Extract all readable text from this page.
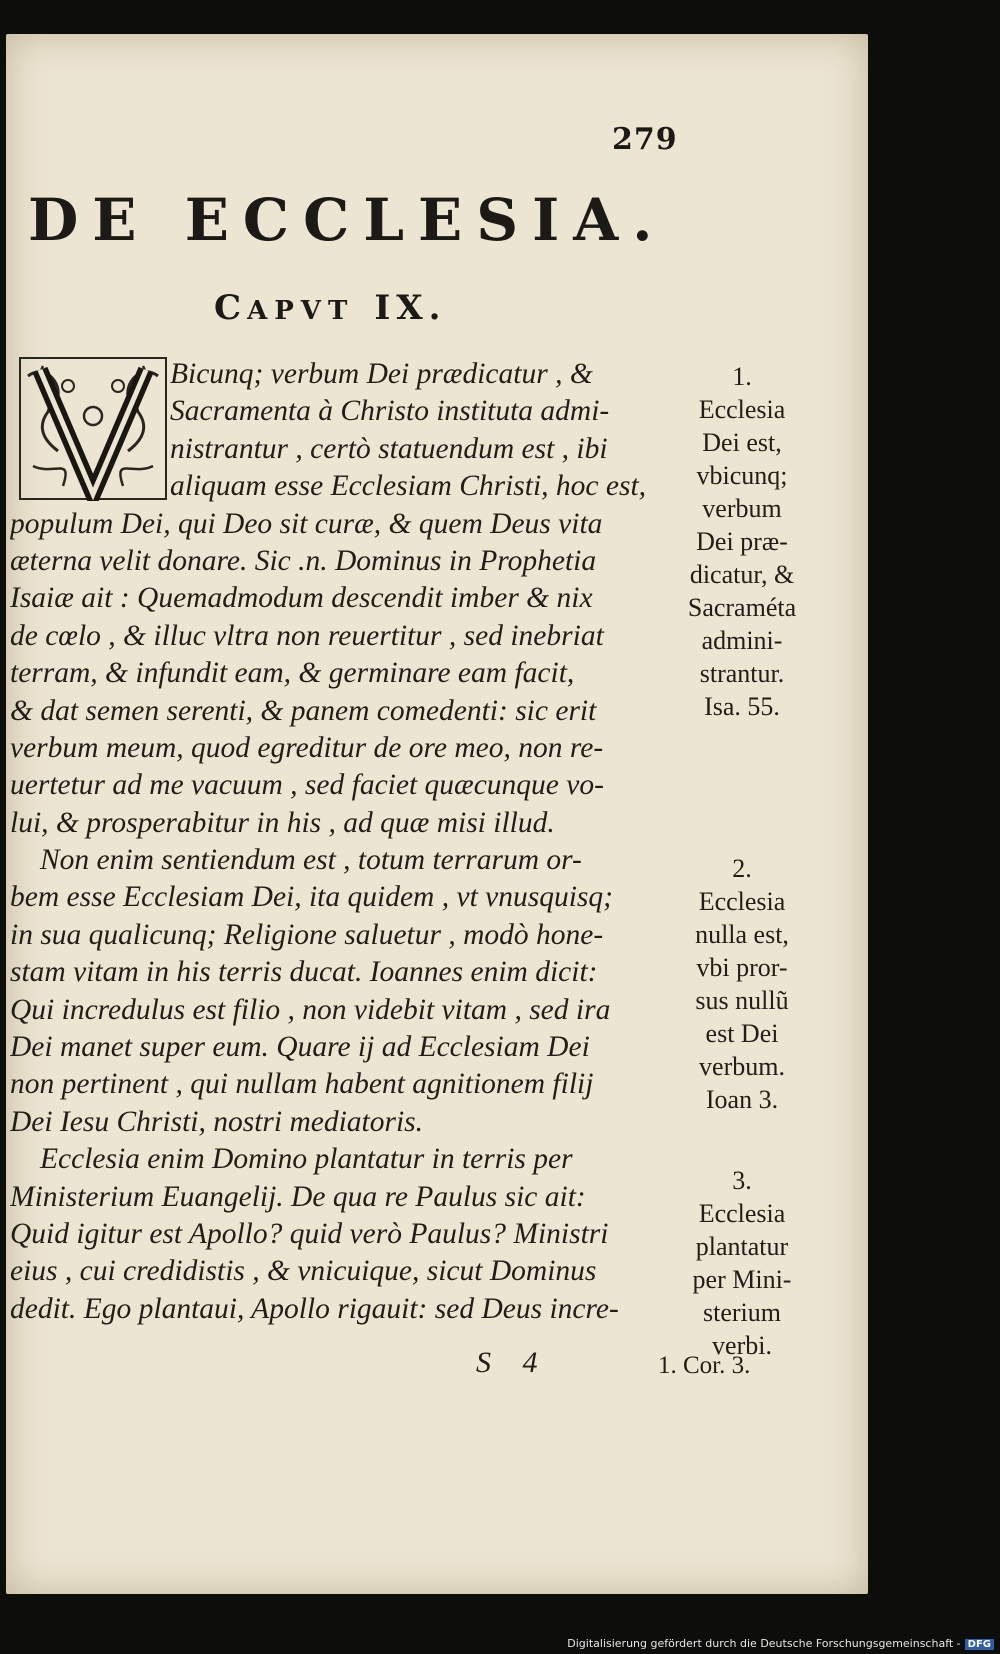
279
DE ECCLESIA.
CAPVT IX.
Bicunq; verbum Dei prædicatur , &
Sacramenta à Christo instituta admi-
nistrantur , certò statuendum est , ibi
aliquam esse Ecclesiam Christi, hoc est,
populum Dei, qui Deo sit curæ, & quem Deus vita
æterna velit donare. Sic .n. Dominus in Prophetia
Isaiæ ait : Quemadmodum descendit imber & nix
de cœlo , & illuc vltra non reuertitur , sed inebriat
terram, & infundit eam, & germinare eam facit,
& dat semen serenti, & panem comedenti: sic erit
verbum meum, quod egreditur de ore meo, non re-
uertetur ad me vacuum , sed faciet quæcunque vo-
lui, & prosperabitur in his , ad quæ misi illud.
Non enim sentiendum est , totum terrarum or-
bem esse Ecclesiam Dei, ita quidem , vt vnusquisq;
in sua qualicunq; Religione saluetur , modò hone-
stam vitam in his terris ducat. Ioannes enim dicit:
Qui incredulus est filio , non videbit vitam , sed ira
Dei manet super eum. Quare ij ad Ecclesiam Dei
non pertinent , qui nullam habent agnitionem filij
Dei Iesu Christi, nostri mediatoris.
Ecclesia enim Domino plantatur in terris per
Ministerium Euangelij. De qua re Paulus sic ait:
Quid igitur est Apollo? quid verò Paulus? Ministri
eius , cui credidistis , & vnicuique, sicut Dominus
dedit. Ego plantaui, Apollo rigauit: sed Deus incre-
1.
Ecclesia
Dei est,
vbicunq;
verbum
Dei præ-
dicatur, &
Sacraméta
admini-
strantur.
Isa. 55.
2.
Ecclesia
nulla est,
vbi pror-
sus nullũ
est Dei
verbum.
Ioan 3.
3.
Ecclesia
plantatur
per Mini-
sterium
verbi.
S 4	1. Cor. 3.
Digitalisierung gefördert durch die Deutsche Forschungsgemeinschaft - DFG
